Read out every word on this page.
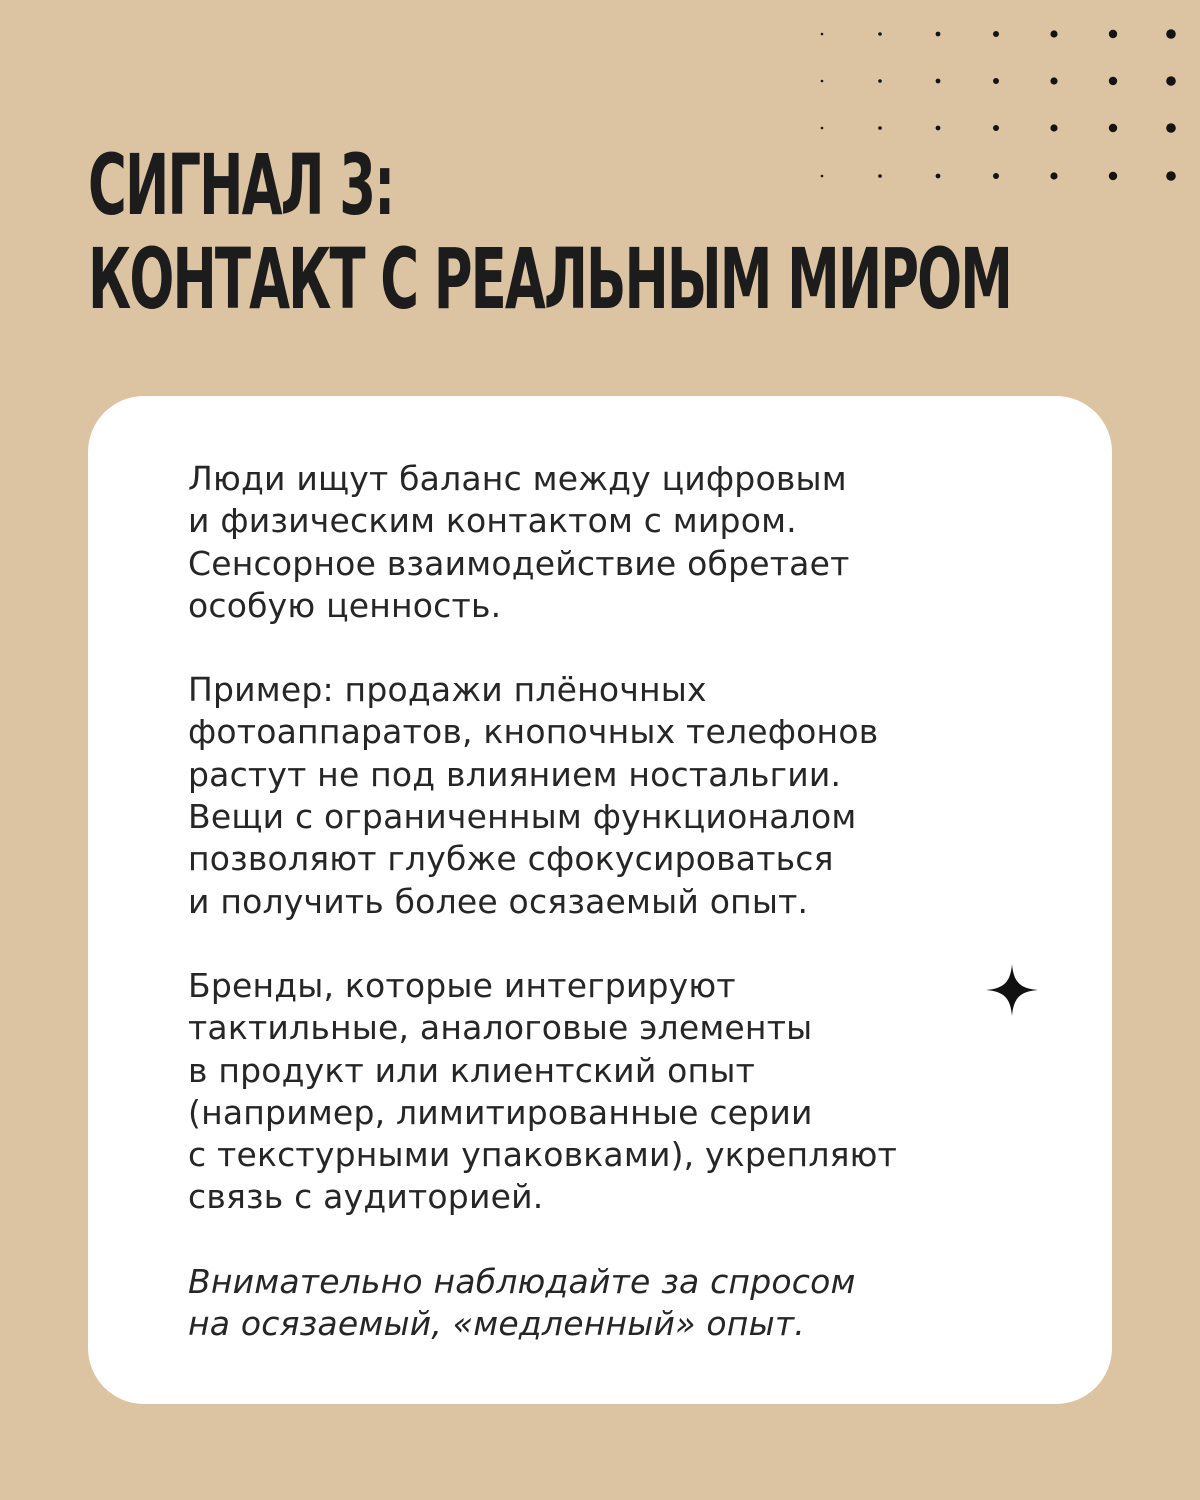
СИГНАЛ 3:
КОНТАКТ С РЕАЛЬНЫМ МИРОМ

Люди ищут баланс между цифровым
и физическим контактом с миром.
Сенсорное взаимодействие обретает
особую ценность.

Пример: продажи плёночных
фотоаппаратов, кнопочных телефонов
растут не под влиянием ностальгии.
Вещи с ограниченным функционалом
позволяют глубже сфокусироваться
и получить более осязаемый опыт.

Бренды, которые интегрируют
тактильные, аналоговые элементы
в продукт или клиентский опыт
(например, лимитированные серии
с текстурными упаковками), укрепляют
связь с аудиторией.

Внимательно наблюдайте за спросом
на осязаемый, «медленный» опыт.
